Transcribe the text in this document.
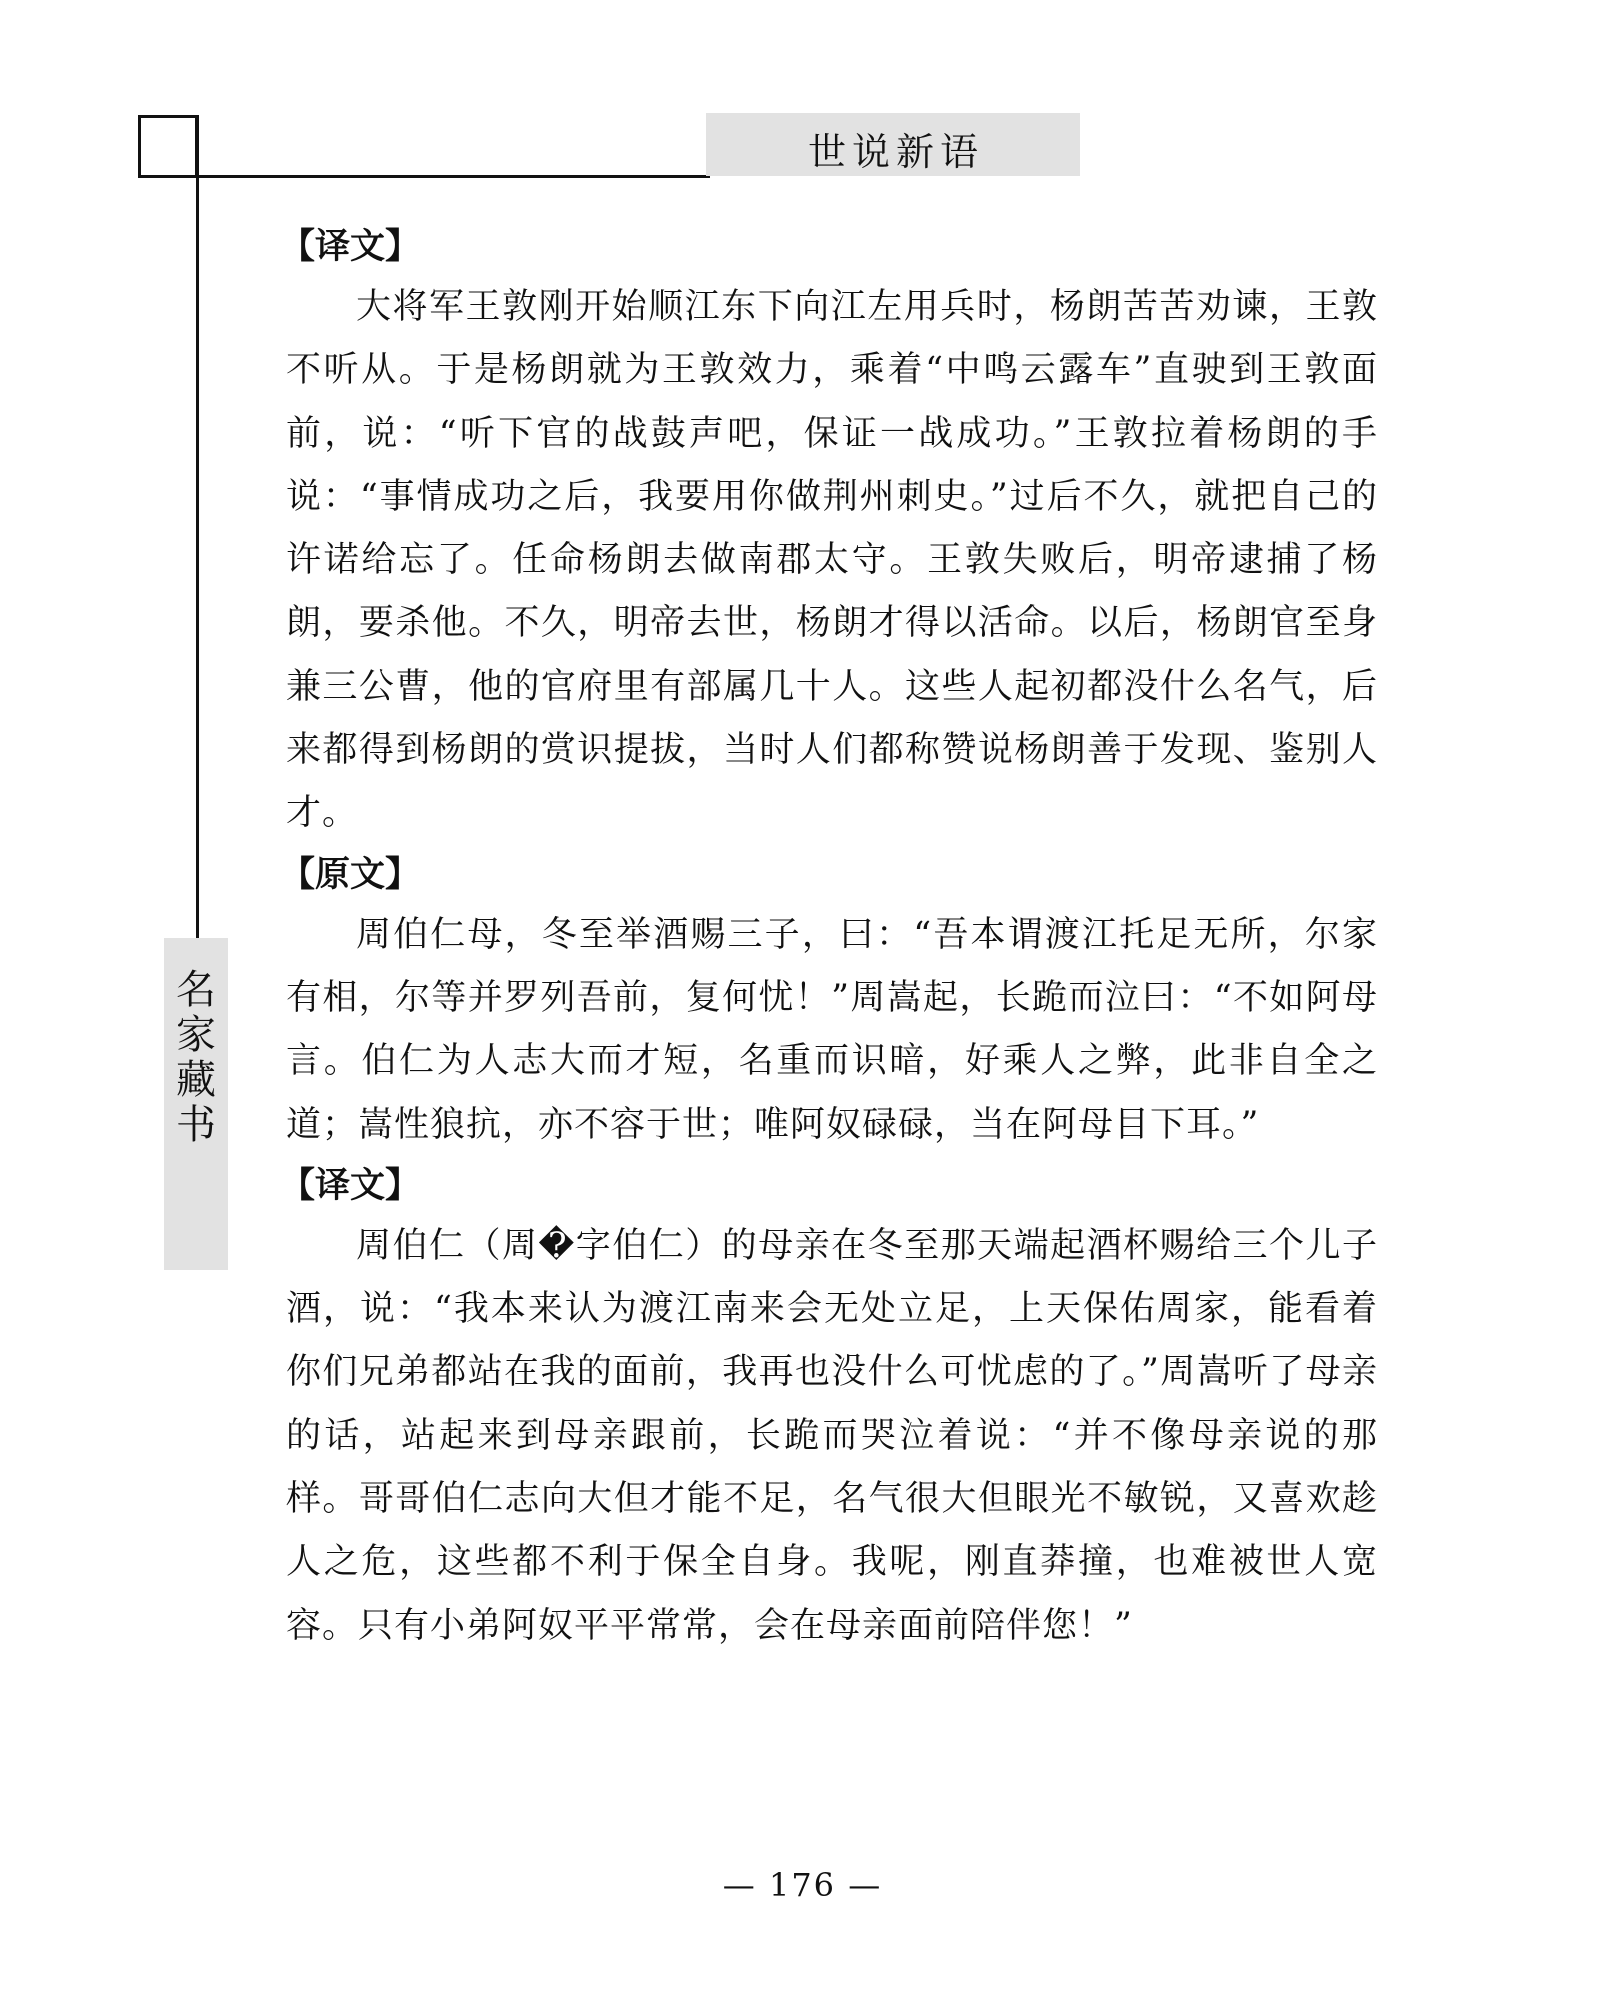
世说新语
名
家
藏
书
【译文】

大将军王敦刚开始顺江东下向江左用兵时，杨朗苦苦劝谏，王敦不听从。于是杨朗就为王敦效力，乘着“中鸣云露车”直驶到王敦面前，说：“听下官的战鼓声吧，保证一战成功。”王敦拉着杨朗的手说：“事情成功之后，我要用你做荆州刺史。”过后不久，就把自己的许诺给忘了。任命杨朗去做南郡太守。王敦失败后，明帝逮捕了杨朗，要杀他。不久，明帝去世，杨朗才得以活命。以后，杨朗官至身兼三公曹，他的官府里有部属几十人。这些人起初都没什么名气，后来都得到杨朗的赏识提拔，当时人们都称赞说杨朗善于发现、鉴别人才。

【原文】

周伯仁母，冬至举酒赐三子，曰：“吾本谓渡江托足无所，尔家有相，尔等并罗列吾前，复何忧！”周嵩起，长跪而泣曰：“不如阿母言。伯仁为人志大而才短，名重而识暗，好乘人之弊，此非自全之道；嵩性狼抗，亦不容于世；唯阿奴碌碌，当在阿母目下耳。”

【译文】

周伯仁（周�字伯仁）的母亲在冬至那天端起酒杯赐给三个儿子酒，说：“我本来认为渡江南来会无处立足，上天保佑周家，能看着你们兄弟都站在我的面前，我再也没什么可忧虑的了。”周嵩听了母亲的话，站起来到母亲跟前，长跪而哭泣着说：“并不像母亲说的那样。哥哥伯仁志向大但才能不足，名气很大但眼光不敏锐，又喜欢趁人之危，这些都不利于保全自身。我呢，刚直莽撞，也难被世人宽容。只有小弟阿奴平平常常，会在母亲面前陪伴您！”

— 176 —
